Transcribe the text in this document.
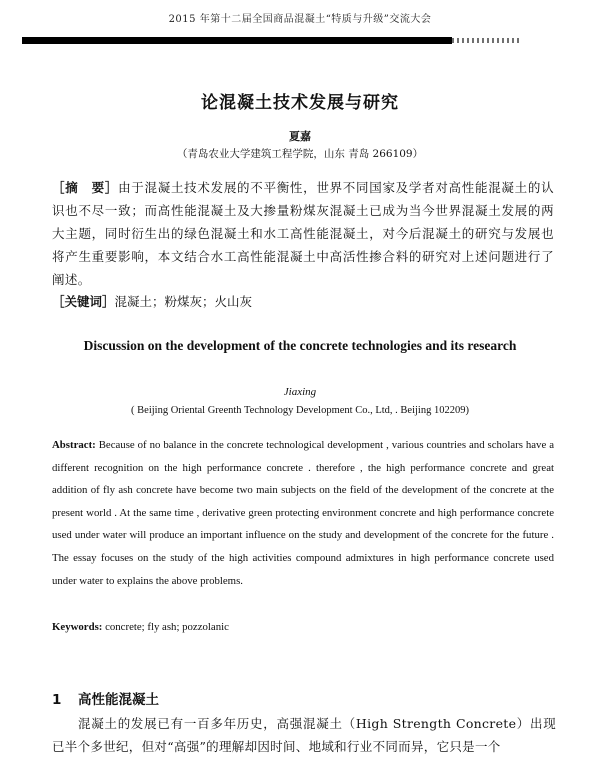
2015 年第十二届全国商品混凝土“特质与升级”交流大会
论混凝土技术发展与研究
夏嘉
（青岛农业大学建筑工程学院，山东 青岛 266109）
［摘　要］由于混凝土技术发展的不平衡性，世界不同国家及学者对高性能混凝土的认识也不尽一致；而高性能混凝土及大掺量粉煤灰混凝土已成为当今世界混凝土发展的两大主题，同时衍生出的绿色混凝土和水工高性能混凝土，对今后混凝土的研究与发展也将产生重要影响，本文结合水工高性能混凝土中高活性掺合料的研究对上述问题进行了阐述。
［关键词］混凝土；粉煤灰；火山灰
Discussion on the development of the concrete technologies and its research
Jiaxing
( Beijing Oriental Greenth Technology Development Co., Ltd, . Beijing 102209)
Abstract: Because of no balance in the concrete technological development , various countries and scholars have a different recognition on the high performance concrete . therefore , the high performance concrete and great addition of fly ash concrete have become two main subjects on the field of the development of the concrete at the present world . At the same time , derivative green protecting environment concrete and high performance concrete used under water will produce an important influence on the study and development of the concrete for the future . The essay focuses on the study of the high activities compound admixtures in high performance concrete used under water to explains the above problems.
Keywords: concrete; fly ash; pozzolanic
1 高性能混凝土
混凝土的发展已有一百多年历史，高强混凝土（High Strength Concrete）出现已半个多世纪，但对“高强”的理解却因时间、地域和行业不同而异，它只是一个
